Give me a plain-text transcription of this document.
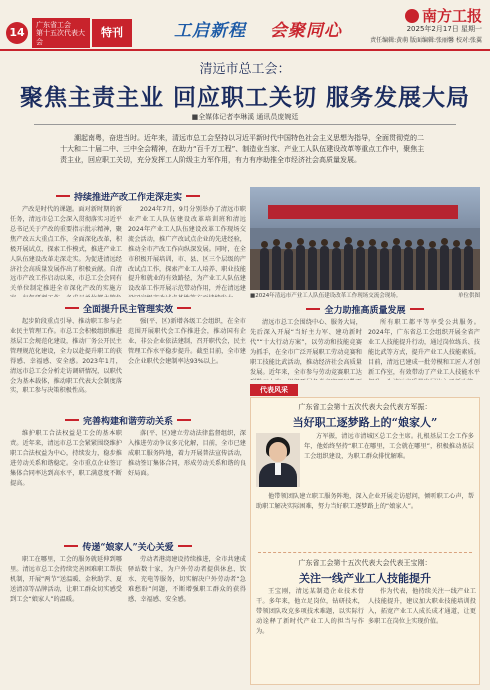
14
广东省工会
第十五次代表大会
特刊	工启新程 会聚同心
南方工报
2025年2月17日 星期一
责任编辑:黄萌 版面编辑:张丽馨 校对:张翼
清远市总工会：
聚焦主责主业 回应职工关切 服务发展大局
■全媒体记者李琳溪 通讯员庞婉廷
潮起南粤，奋进当时。近年来，清远市总工会坚持以习近平新时代中国特色社会主义思想为指导，全面贯彻党的二十大和二十届二中、三中全会精神，在助力“百千万工程”、制造业当家、产业工人队伍建设改革等重点工作中，聚焦主责主业，回应职工关切，充分发挥工人阶级主力军作用，有力有序助推全市经济社会高质量发展。
持续推进产改工作走深走实
产改是时代的课题。面对新时期的新任务，清远市总工会深入贯彻落实习近平总书记关于产改的重要指示批示精神，聚焦产改五大重点工作，全面深化改革，积极开展试点、探索工作模式，推进产业工人队伍建设改革走深走实。为促进清远经济社会高质量发展作出了积极贡献。自清远市产改工作启动以来，市总工会会同有关单位制定推进全市深化产改的实施方
2024年7月，9月分别举办了清远市职业产业工人队伍建设改革培训班和清远2024年产业工人队伍建设改革工作现场交流会活动，推广产改试点企业的先进经验，推动全市产改工作向纵深发展。同时，在全市积极开展培训，市、县、区三个层级的产改试点工作，探索产业工人培养、职业技能提升和就业的有效路径，为产业工人队伍建设改革工作开展示范带动作用，并在清远建
全面提升民主管理实效
起步阶段重点引导、推动职工参与企业民主管理工作。市总工会积极组织推进基层工会规范化建设，推动厂务公开民主管理规范化建设，全力以赴提升职工的获得感、幸福感、安全感。2023年1月，清远市总工会分析走访调研情况，以职代会为基本载体，推动职工代表大会制度落实，职工参与决策积极性高。
强(平、区)新增各级工会组织，在全市范围开展职代会工作推进会，推动国有企业、非公企业依法建制，召开职代会，民主管理工作水平稳步提升。截至目前，全市建会企业职代会建制率达93%以上。
完善构建和谐劳动关系
维护职工合法权益是工会的基本职责。近年来，清远市总工会紧紧围绕维护职工合法权益为中心，持续发力，稳步推进劳动关系和谐稳定。全市重点企业签订集体合同率达到高水平，职工满意度不断提高。
落(平、区)建立劳动法律监督组织，深入推进劳动争议多元化解，目前，全市已建成职工服务阵地，着力开展普法宣传活动，推动签订集体合同，形成劳动关系和谐的良好局面。
传递“娘家人”关心关爱
职工在哪里，工会的服务就延伸到哪里。清远市总工会持续完善困难职工帮扶机制，开展“两节”送温暖、金秋助学、夏送清凉等品牌活动，让职工群众切实感受到工会“娘家人”的温暖。
劳动者港湾建设持续推进，全市共建成驿站数十家，为户外劳动者提供休息、饮水、充电等服务，切实解决户外劳动者“急难愁盼”问题，不断增强职工群众的获得感、幸福感、安全感。
■2024年清远市产业工人队伍建设改革工作现场交流会现场。	单位供图
全力助推高质量发展
清远市总工会围绕中心、服务大局，先后深入开展“当好主力军、建功新时代”“十大行动方案”，以劳动和技能竞赛为抓手，在全市广泛开展职工劳动竞赛和职工技能比武活动，推动经济社会高质量发展。近年来，全市参与劳动竞赛职工达
所有职工都平等享受公共服务。2024年，广东省总工会组织开展全省产业工人技能提升行动，通过岗位练兵、技能比武等方式，提升产业工人技能素质。目前，清远已建成一批劳模和工匠人才创新工作室，有效带动了产业工人技能水平
代表风采
广东省工会第十五次代表大会代表方军振：
当好职工逐梦路上的“娘家人”
方军振，清远市清城区总工会主席。扎根基层工会工作多年，他始终坚持“职工在哪里，工会就在哪里”，积极推动基层工会组织建设，为职工群众排忧解难。
他带领团队建立职工服务阵地，深入企业开展走访慰问，倾听职工心声，帮助职工解决实际困难，努力当好职工逐梦路上的“娘家人”。
广东省工会第十五次代表大会代表王宝刚：
关注一线产业工人技能提升
王宝刚，清远某制造企业技术骨干。多年来，他立足岗位，钻研技术，带领团队攻克多项技术难题，以实际行动诠释了新时代产业工人的担当与作为。
作为代表，他持续关注一线产业工人技能提升，建议加大职业技能培训投入，拓宽产业工人成长成才通道，让更多职工在岗位上实现价值。
